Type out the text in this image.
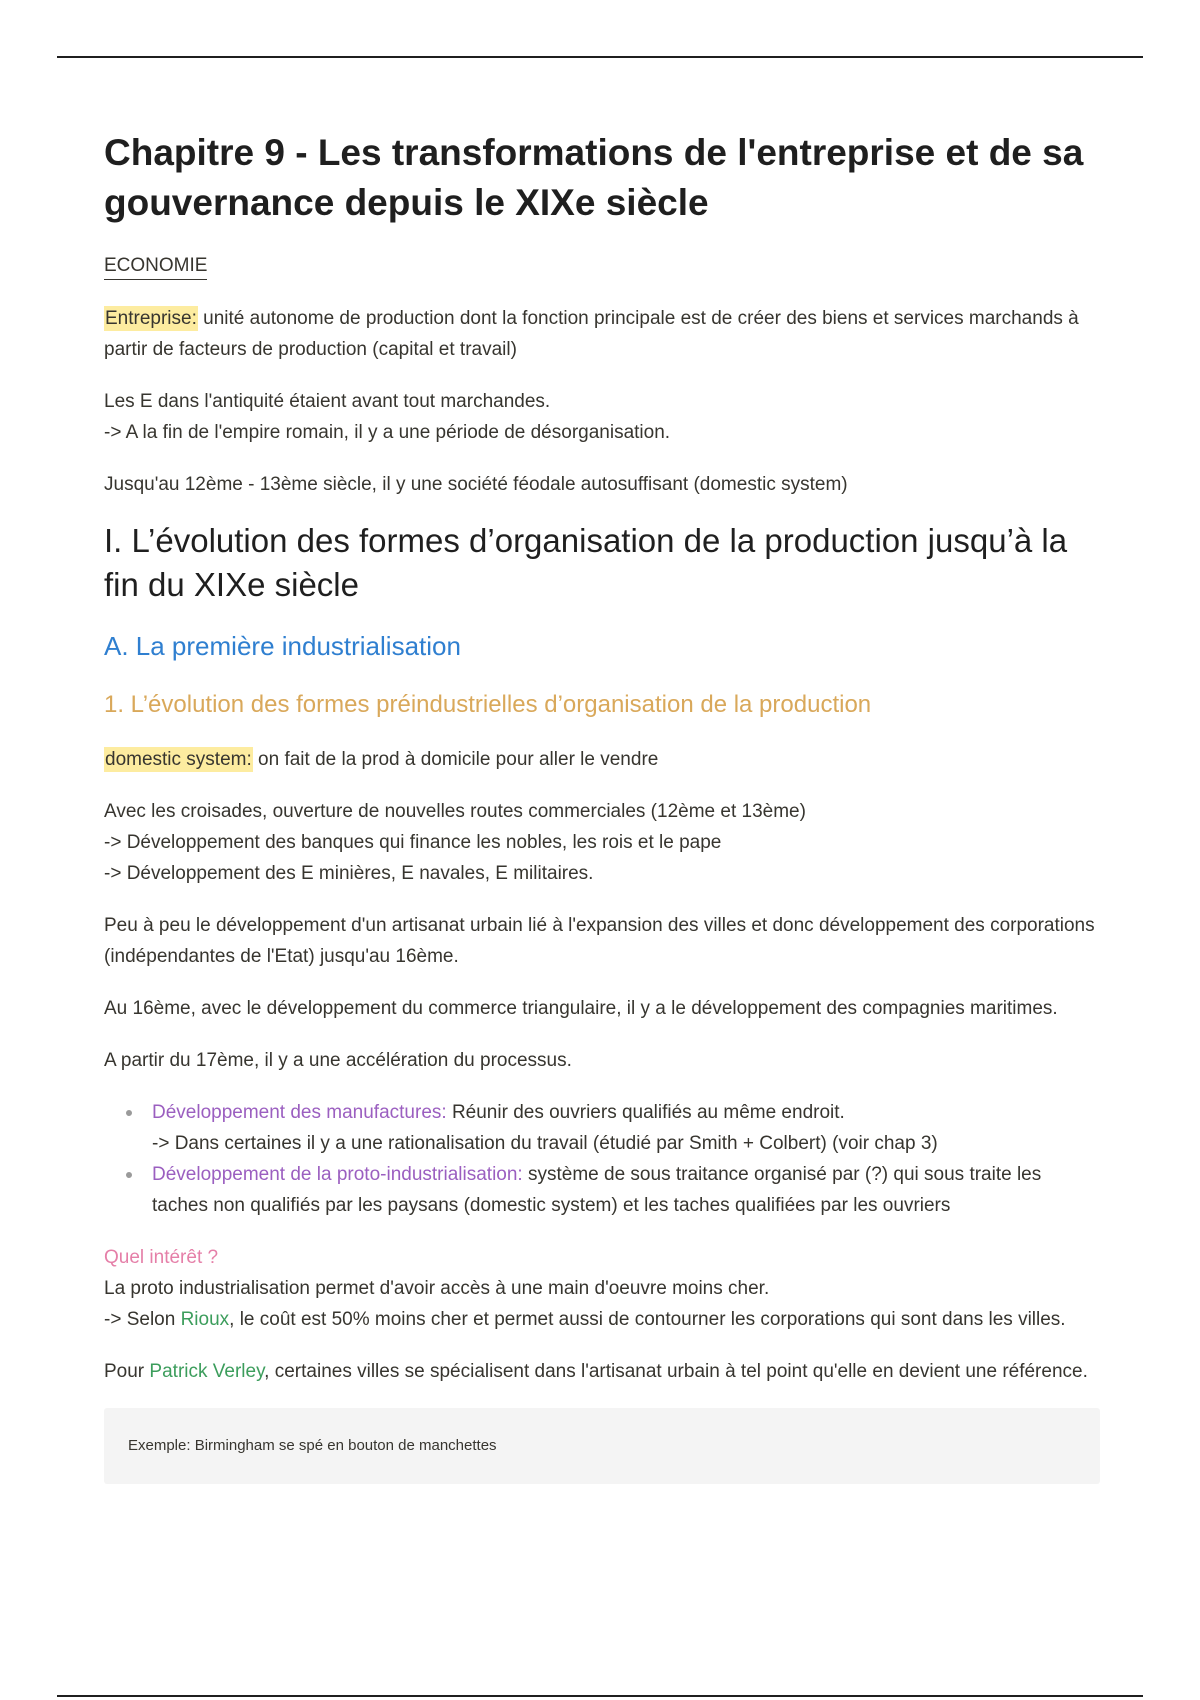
Chapitre 9 - Les transformations de l'entreprise et de sa gouvernance depuis le XIXe siècle
ECONOMIE

Entreprise: unité autonome de production dont la fonction principale est de créer des biens et services marchands à partir de facteurs de production (capital et travail)

Les E dans l'antiquité étaient avant tout marchandes.
-> A la fin de l'empire romain, il y a une période de désorganisation.

Jusqu'au 12ème - 13ème siècle, il y une société féodale autosuffisant (domestic system)

I. L’évolution des formes d’organisation de la production jusqu’à la fin du XIXe siècle
A. La première industrialisation
1. L’évolution des formes préindustrielles d’organisation de la production

domestic system: on fait de la prod à domicile pour aller le vendre

Avec les croisades, ouverture de nouvelles routes commerciales (12ème et 13ème)
-> Développement des banques qui finance les nobles, les rois et le pape
-> Développement des E minières, E navales, E militaires.

Peu à peu le développement d'un artisanat urbain lié à l'expansion des villes et donc développement des corporations (indépendantes de l'Etat) jusqu'au 16ème.

Au 16ème, avec le développement du commerce triangulaire, il y a le développement des compagnies maritimes.

A partir du 17ème, il y a une accélération du processus.

Développement des manufactures: Réunir des ouvriers qualifiés au même endroit.
-> Dans certaines il y a une rationalisation du travail (étudié par Smith + Colbert) (voir chap 3)
Développement de la proto-industrialisation: système de sous traitance organisé par (?) qui sous traite les taches non qualifiés par les paysans (domestic system) et les taches qualifiées par les ouvriers

Quel intérêt ?
La proto industrialisation permet d'avoir accès à une main d'oeuvre moins cher.
-> Selon Rioux, le coût est 50% moins cher et permet aussi de contourner les corporations qui sont dans les villes.

Pour Patrick Verley, certaines villes se spécialisent dans l'artisanat urbain à tel point qu'elle en devient une référence.

Exemple: Birmingham se spé en bouton de manchettes
